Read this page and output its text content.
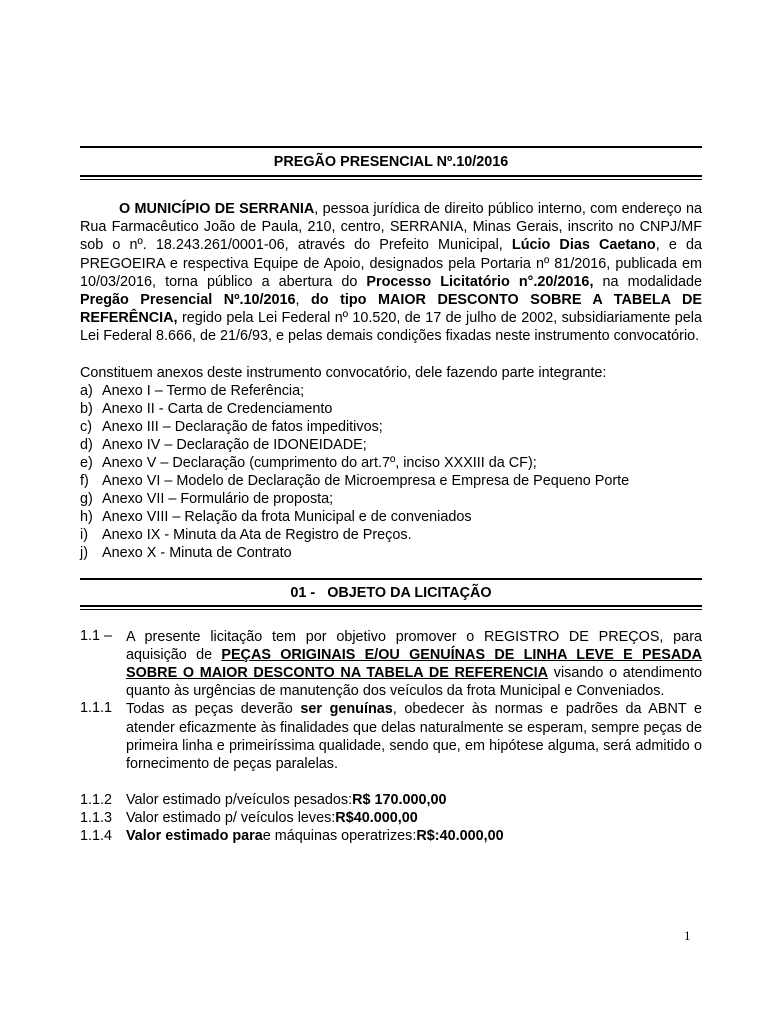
PREGÃO PRESENCIAL Nº.10/2016

O MUNICÍPIO DE SERRANIA, pessoa jurídica de direito público interno, com endereço na Rua Farmacêutico João de Paula, 210, centro, SERRANIA, Minas Gerais, inscrito no CNPJ/MF sob o nº. 18.243.261/0001-06, através do Prefeito Municipal, Lúcio Dias Caetano, e da PREGOEIRA e respectiva Equipe de Apoio, designados pela Portaria nº 81/2016, publicada em 10/03/2016, torna público a abertura do Processo Licitatório n°.20/2016, na modalidade Pregão Presencial Nº.10/2016, do tipo MAIOR DESCONTO SOBRE A TABELA DE REFERÊNCIA, regido pela Lei Federal nº 10.520, de 17 de julho de 2002, subsidiariamente pela Lei Federal 8.666, de 21/6/93, e pelas demais condições fixadas neste instrumento convocatório.

Constituem anexos deste instrumento convocatório, dele fazendo parte integrante:

a) Anexo I – Termo de Referência;
b) Anexo II - Carta de Credenciamento
c) Anexo III – Declaração de fatos impeditivos;
d) Anexo IV – Declaração de IDONEIDADE;
e) Anexo V – Declaração (cumprimento do art.7º, inciso XXXIII da CF);
f) Anexo VI – Modelo de Declaração de Microempresa e Empresa de Pequeno Porte
g) Anexo VII – Formulário de proposta;
h) Anexo VIII – Relação da frota Municipal e de conveniados
i) Anexo IX - Minuta da Ata de Registro de Preços.
j) Anexo X - Minuta de Contrato
01 - OBJETO DA LICITAÇÃO
1.1 – A presente licitação tem por objetivo promover o REGISTRO DE PREÇOS, para aquisição de PEÇAS ORIGINAIS E/OU GENUÍNAS DE LINHA LEVE E PESADA SOBRE O MAIOR DESCONTO NA TABELA DE REFERENCIA visando o atendimento quanto às urgências de manutenção dos veículos da frota Municipal e Conveniados.

1.1.1 Todas as peças deverão ser genuínas, obedecer às normas e padrões da ABNT e atender eficazmente às finalidades que delas naturalmente se esperam, sempre peças de primeira linha e primeiríssima qualidade, sendo que, em hipótese alguma, será admitido o fornecimento de peças paralelas.

1.1.2 Valor estimado p/veículos pesados: R$ 170.000,00
1.1.3 Valor estimado p/ veículos leves: R$40.000,00
1.1.4 Valor estimado para e máquinas operatrizes: R$:40.000,00
1
